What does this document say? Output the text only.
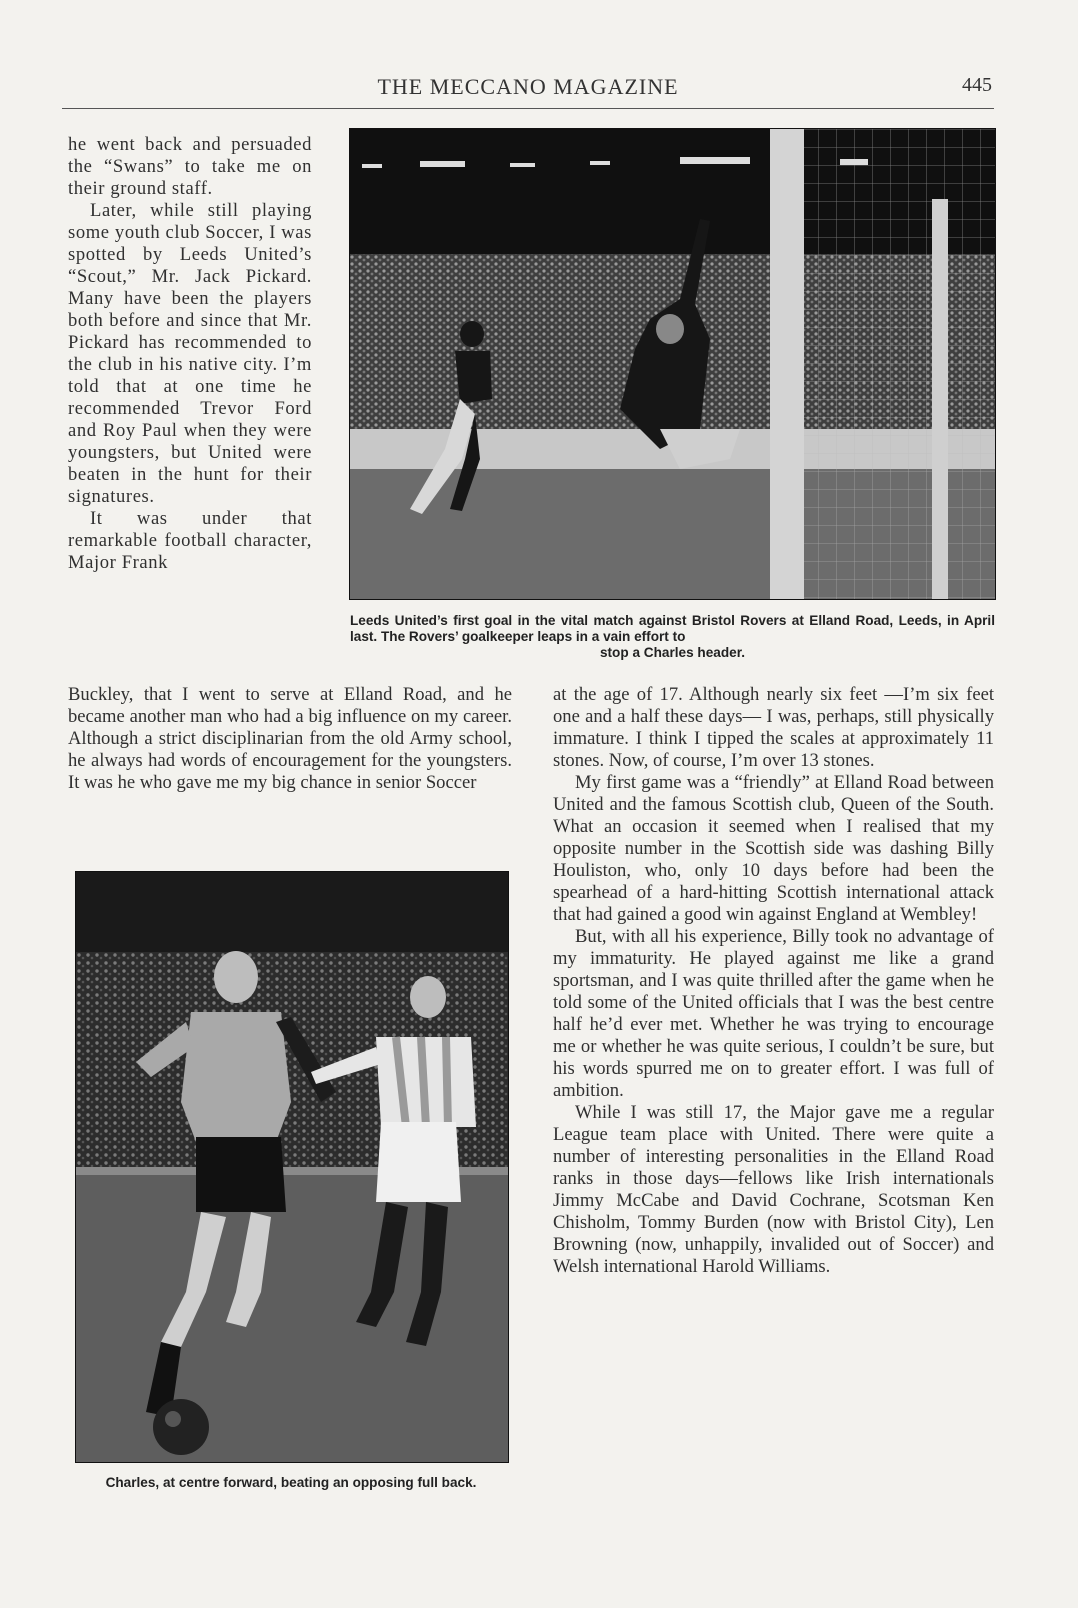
THE MECCANO MAGAZINE	445

he went back and persuaded the “Swans” to take me on their ground staff.

Later, while still playing some youth club Soccer, I was spotted by Leeds United’s “Scout,” Mr. Jack Pickard. Many have been the players both before and since that Mr. Pickard has recommended to the club in his native city. I’m told that at one time he recommended Trevor Ford and Roy Paul when they were youngsters, but United were beaten in the hunt for their signatures.

It was under that remarkable football character, Major Frank

Leeds United’s first goal in the vital match against Bristol Rovers at Elland Road, Leeds, in April last. The Rovers’ goalkeeper leaps in a vain effort to
stop a Charles header.

Buckley, that I went to serve at Elland Road, and he became another man who had a big influence on my career. Although a strict disciplinarian from the old Army school, he always had words of encouragement for the youngsters. It was he who gave me my big chance in senior Soccer

Charles, at centre forward, beating an opposing full back.

at the age of 17. Although nearly six feet —I’m six feet one and a half these days— I was, perhaps, still physically immature. I think I tipped the scales at approximately 11 stones. Now, of course, I’m over 13 stones.

My first game was a “friendly” at Elland Road between United and the famous Scottish club, Queen of the South. What an occasion it seemed when I realised that my opposite number in the Scottish side was dashing Billy Houliston, who, only 10 days before had been the spearhead of a hard-hitting Scottish international attack that had gained a good win against England at Wembley!

But, with all his experience, Billy took no advantage of my immaturity. He played against me like a grand sportsman, and I was quite thrilled after the game when he told some of the United officials that I was the best centre half he’d ever met. Whether he was trying to encourage me or whether he was quite serious, I couldn’t be sure, but his words spurred me on to greater effort. I was full of ambition.

While I was still 17, the Major gave me a regular League team place with United. There were quite a number of interesting personalities in the Elland Road ranks in those days—fellows like Irish internationals Jimmy McCabe and David Cochrane, Scotsman Ken Chisholm, Tommy Burden (now with Bristol City), Len Browning (now, unhappily, invalided out of Soccer) and Welsh international Harold Williams.
